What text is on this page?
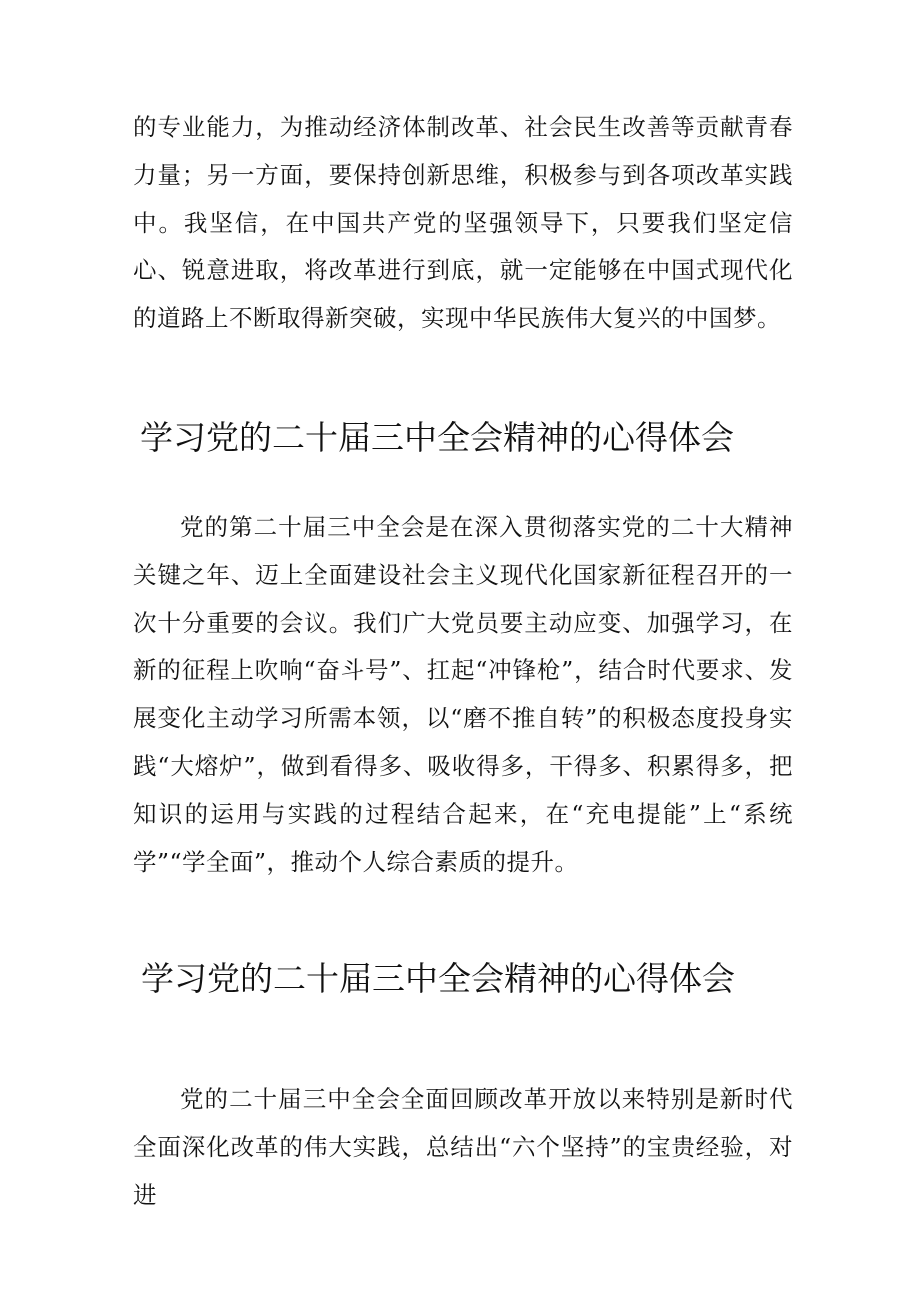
的专业能力，为推动经济体制改革、社会民生改善等贡献青春力量；另一方面，要保持创新思维，积极参与到各项改革实践中。我坚信，在中国共产党的坚强领导下，只要我们坚定信心、锐意进取，将改革进行到底，就一定能够在中国式现代化的道路上不断取得新突破，实现中华民族伟大复兴的中国梦。

学习党的二十届三中全会精神的心得体会

党的第二十届三中全会是在深入贯彻落实党的二十大精神关键之年、迈上全面建设社会主义现代化国家新征程召开的一次十分重要的会议。我们广大党员要主动应变、加强学习，在新的征程上吹响“奋斗号”、扛起“冲锋枪”，结合时代要求、发展变化主动学习所需本领，以“磨不推自转”的积极态度投身实践“大熔炉”，做到看得多、吸收得多，干得多、积累得多，把知识的运用与实践的过程结合起来，在“充电提能”上“系统学”“学全面”，推动个人综合素质的提升。

学习党的二十届三中全会精神的心得体会

党的二十届三中全会全面回顾改革开放以来特别是新时代全面深化改革的伟大实践，总结出“六个坚持”的宝贵经验，对进
